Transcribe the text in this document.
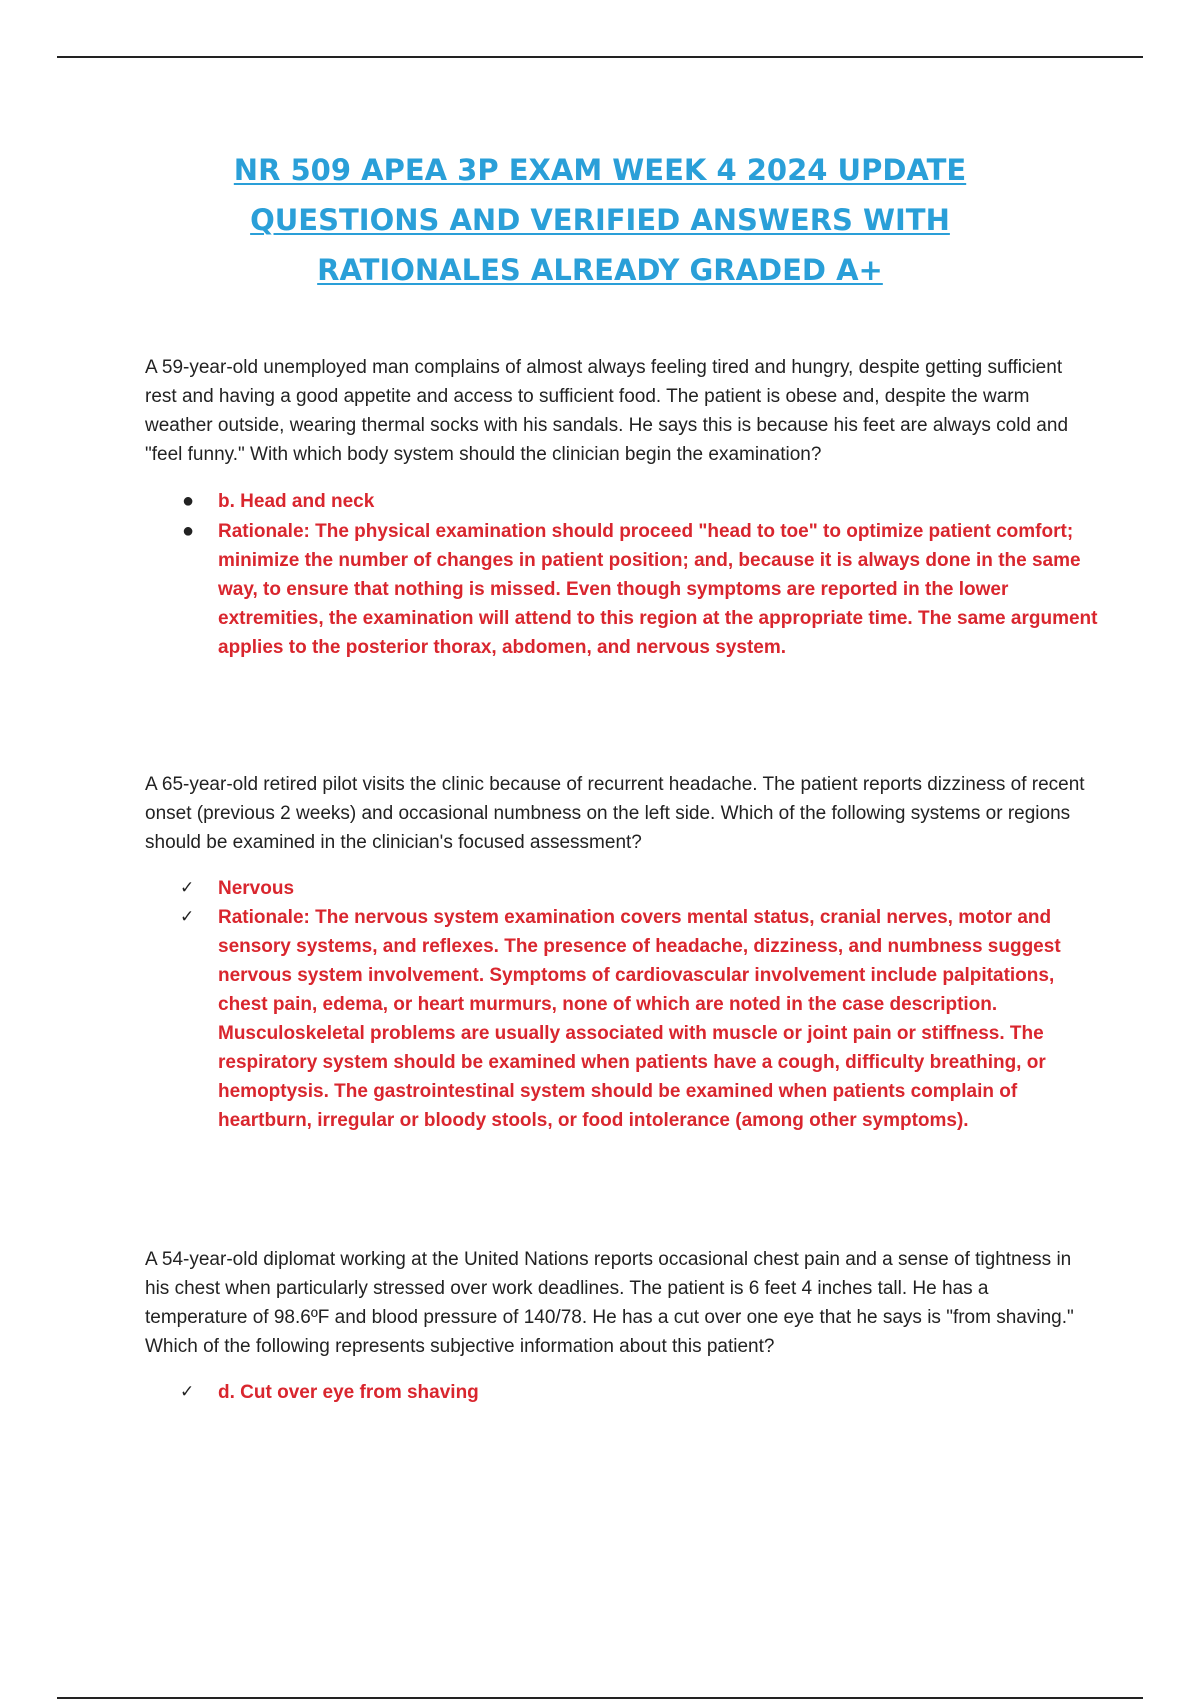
NR 509 APEA 3P EXAM WEEK 4 2024 UPDATE
QUESTIONS AND VERIFIED ANSWERS WITH
RATIONALES ALREADY GRADED A+

A 59-year-old unemployed man complains of almost always feeling tired and hungry, despite getting sufficient rest and having a good appetite and access to sufficient food. The patient is obese and, despite the warm weather outside, wearing thermal socks with his sandals. He says this is because his feet are always cold and "feel funny." With which body system should the clinician begin the examination?

● b. Head and neck
● Rationale: The physical examination should proceed "head to toe" to optimize patient comfort; minimize the number of changes in patient position; and, because it is always done in the same way, to ensure that nothing is missed. Even though symptoms are reported in the lower extremities, the examination will attend to this region at the appropriate time. The same argument applies to the posterior thorax, abdomen, and nervous system.

A 65-year-old retired pilot visits the clinic because of recurrent headache. The patient reports dizziness of recent onset (previous 2 weeks) and occasional numbness on the left side. Which of the following systems or regions should be examined in the clinician's focused assessment?

✓ Nervous
✓ Rationale: The nervous system examination covers mental status, cranial nerves, motor and sensory systems, and reflexes. The presence of headache, dizziness, and numbness suggest nervous system involvement. Symptoms of cardiovascular involvement include palpitations, chest pain, edema, or heart murmurs, none of which are noted in the case description. Musculoskeletal problems are usually associated with muscle or joint pain or stiffness. The respiratory system should be examined when patients have a cough, difficulty breathing, or hemoptysis. The gastrointestinal system should be examined when patients complain of heartburn, irregular or bloody stools, or food intolerance (among other symptoms).

A 54-year-old diplomat working at the United Nations reports occasional chest pain and a sense of tightness in his chest when particularly stressed over work deadlines. The patient is 6 feet 4 inches tall. He has a temperature of 98.6ºF and blood pressure of 140/78. He has a cut over one eye that he says is "from shaving." Which of the following represents subjective information about this patient?

✓ d. Cut over eye from shaving
